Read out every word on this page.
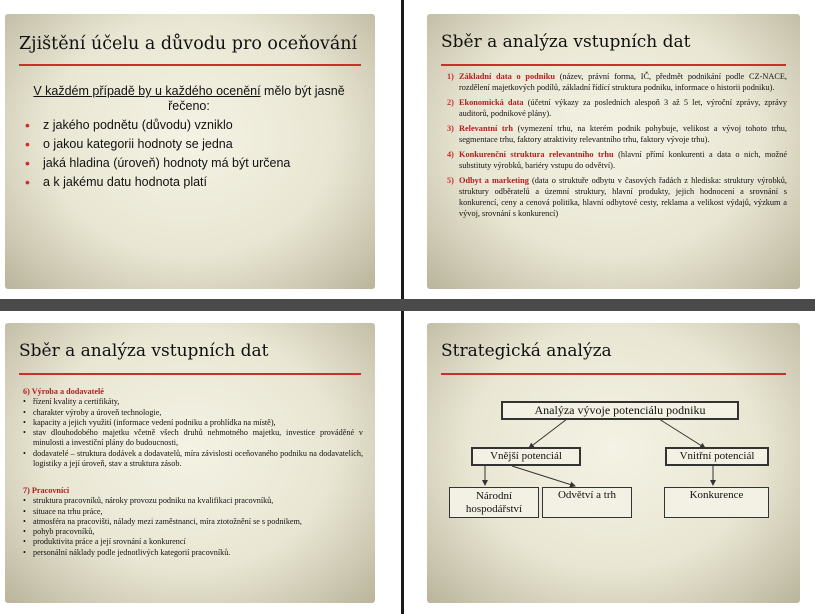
Zjištění účelu a důvodu pro oceňování
V každém případě by u každého ocenění mělo být jasně řečeno:
• z jakého podnětu (důvodu) vzniklo
• o jakou kategorii hodnoty se jedna
• jaká hladina (úroveň) hodnoty má být určena
• a k jakému datu hodnota platí
Sběr a analýza vstupních dat
1) Základní data o podniku (název, právní forma, IČ, předmět podnikání podle CZ-NACE, rozdělení majetkových podílů, základní řídící struktura podniku, informace o historii podniku).
2) Ekonomická data (účetní výkazy za posledních alespoň 3 až 5 let, výroční zprávy, zprávy auditorů, podnikové plány).
3) Relevantní trh (vymezení trhu, na kterém podnik pohybuje, velikost a vývoj tohoto trhu, segmentace trhu, faktory atraktivity relevantního trhu, faktory vývoje trhu).
4) Konkurenční struktura relevantního trhu (hlavní přímí konkurenti a data o nich, možné substituty výrobků, bariéry vstupu do odvětví).
5) Odbyt a marketing (data o struktuře odbytu v časových řadách z hlediska: struktury výrobků, struktury odběratelů a územní struktury, hlavní produkty, jejich hodnocení a srovnání s konkurencí, ceny a cenová politika, hlavní odbytové cesty, reklama a velikost výdajů, výzkum a vývoj, srovnání s konkurencí)
Sběr a analýza vstupních dat
6) Výroba a dodavatelé
• řízení kvality a certifikáty,
• charakter výroby a úroveň technologie,
• kapacity a jejich využití (informace vedení podniku a prohlídka na místě),
• stav dlouhodobého majetku včetně všech druhů nehmotného majetku, investice prováděné v minulosti a investiční plány do budoucnosti,
• dodavatelé – struktura dodávek a dodavatelů, míra závislosti oceňovaného podniku na dodavatelích, logistiky a její úroveň, stav a struktura zásob.
7) Pracovníci
• struktura pracovníků, nároky provozu podniku na kvalifikaci pracovníků,
• situace na trhu práce,
• atmosféra na pracovišti, nálady mezi zaměstnanci, míra ztotožnění se s podnikem,
• pohyb pracovníků,
• produktivita práce a její srovnání a konkurencí
• personální náklady podle jednotlivých kategorií pracovníků.
Strategická analýza
Analýza vývoje potenciálu podniku
Vnější potenciál	Vnitřní potenciál
Národní hospodářství
Odvětví a trh	Konkurence
